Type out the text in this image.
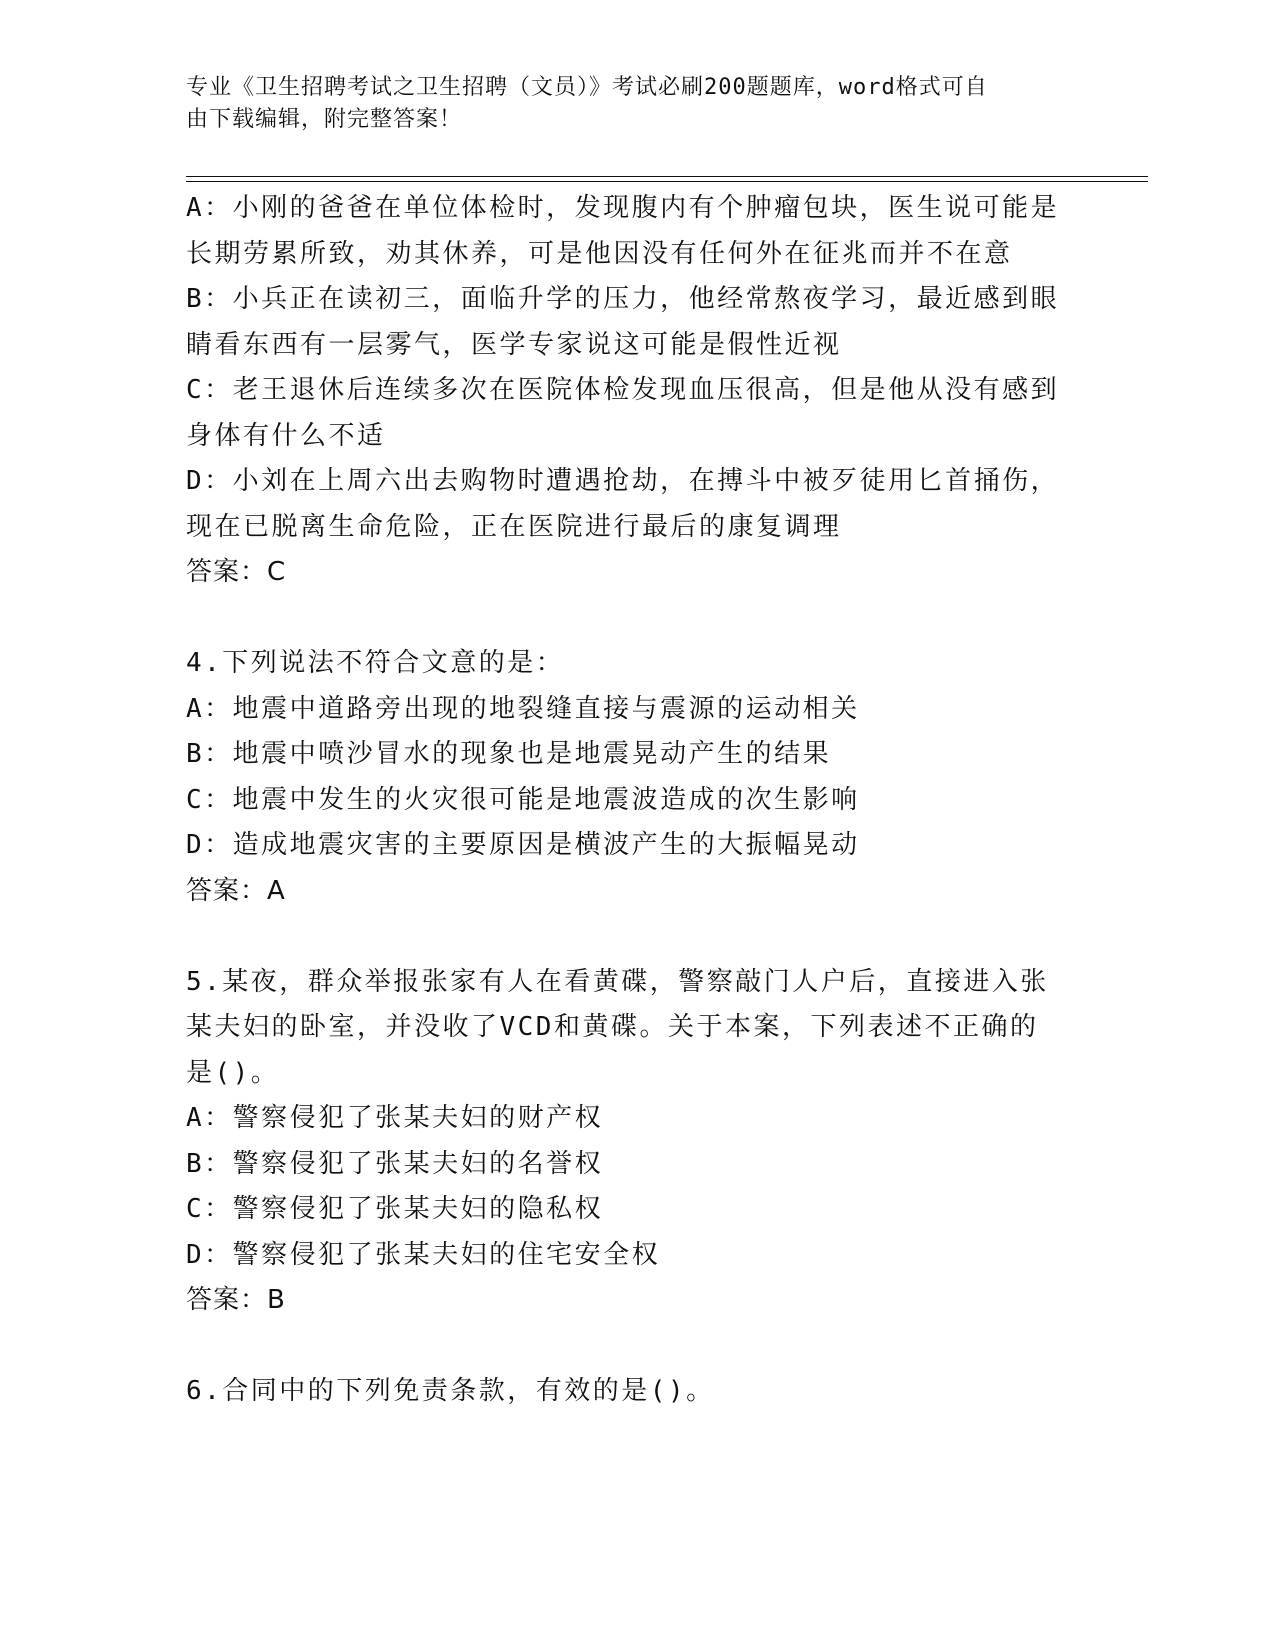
专业《卫生招聘考试之卫生招聘（文员）》考试必刷200题题库，word格式可自
由下载编辑，附完整答案！
A：小刚的爸爸在单位体检时，发现腹内有个肿瘤包块，医生说可能是
长期劳累所致，劝其休养，可是他因没有任何外在征兆而并不在意
B：小兵正在读初三，面临升学的压力，他经常熬夜学习，最近感到眼
睛看东西有一层雾气，医学专家说这可能是假性近视
C：老王退休后连续多次在医院体检发现血压很高，但是他从没有感到
身体有什么不适
D：小刘在上周六出去购物时遭遇抢劫，在搏斗中被歹徒用匕首捅伤，
现在已脱离生命危险，正在医院进行最后的康复调理
答案：C
4.下列说法不符合文意的是：
A：地震中道路旁出现的地裂缝直接与震源的运动相关
B：地震中喷沙冒水的现象也是地震晃动产生的结果
C：地震中发生的火灾很可能是地震波造成的次生影响
D：造成地震灾害的主要原因是横波产生的大振幅晃动
答案：A
5.某夜，群众举报张家有人在看黄碟，警察敲门人户后，直接进入张
某夫妇的卧室，并没收了VCD和黄碟。关于本案，下列表述不正确的
是()。
A：警察侵犯了张某夫妇的财产权
B：警察侵犯了张某夫妇的名誉权
C：警察侵犯了张某夫妇的隐私权
D：警察侵犯了张某夫妇的住宅安全权
答案：B
6.合同中的下列免责条款，有效的是()。
